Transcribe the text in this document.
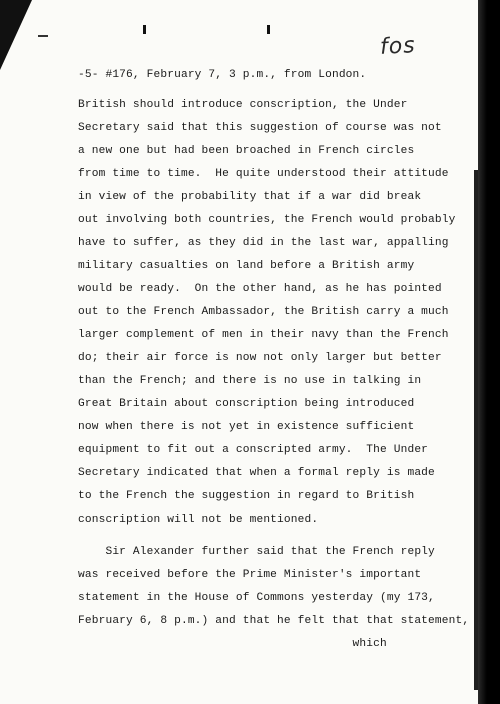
fos
-5- #176, February 7, 3 p.m., from London.
British should introduce conscription, the Under
Secretary said that this suggestion of course was not
a new one but had been broached in French circles
from time to time.  He quite understood their attitude
in view of the probability that if a war did break
out involving both countries, the French would probably
have to suffer, as they did in the last war, appalling
military casualties on land before a British army
would be ready.  On the other hand, as he has pointed
out to the French Ambassador, the British carry a much
larger complement of men in their navy than the French
do; their air force is now not only larger but better
than the French; and there is no use in talking in
Great Britain about conscription being introduced
now when there is not yet in existence sufficient
equipment to fit out a conscripted army.  The Under
Secretary indicated that when a formal reply is made
to the French the suggestion in regard to British
conscription will not be mentioned.
Sir Alexander further said that the French reply
was received before the Prime Minister's important
statement in the House of Commons yesterday (my 173,
February 6, 8 p.m.) and that he felt that that statement,
which
